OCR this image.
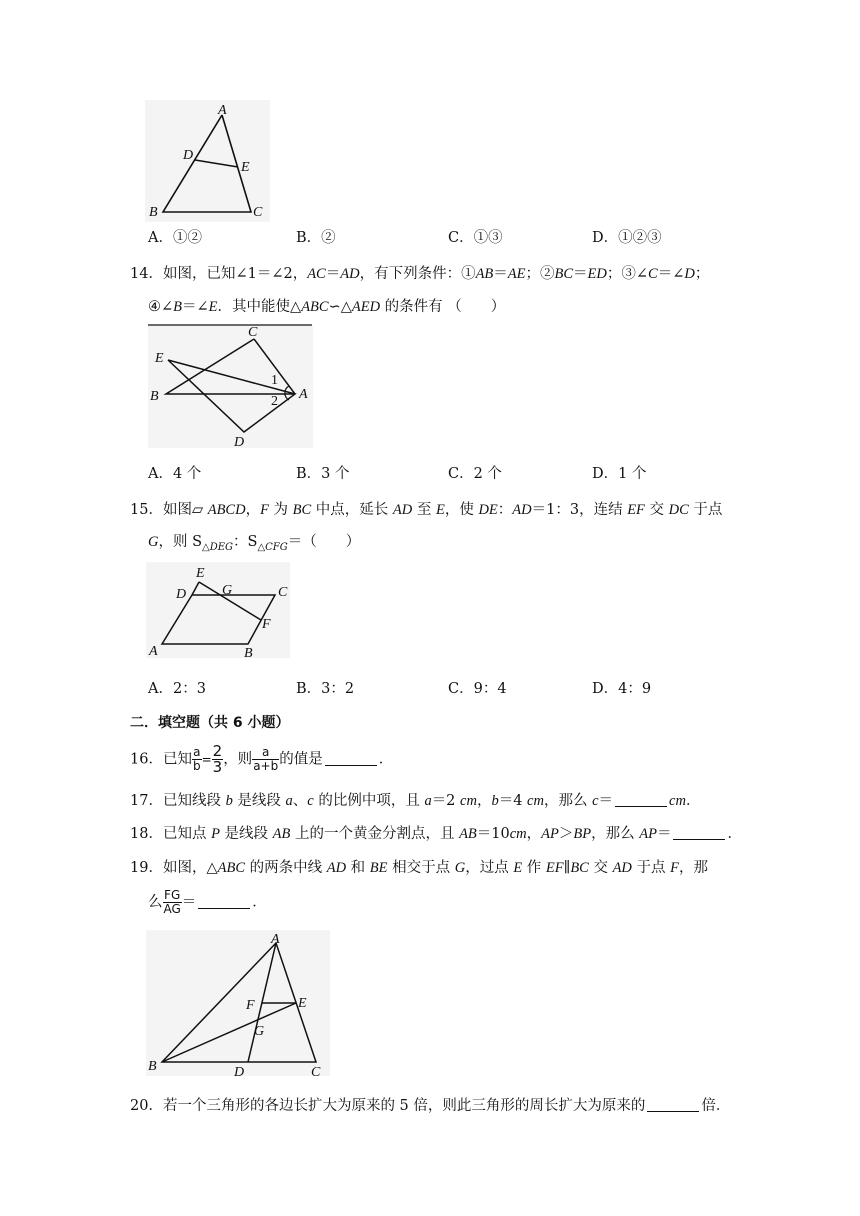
A
D
E
B	C
A．①②	B．②	C．①③	D．①②③
14．如图，已知∠1＝∠2，AC＝AD，有下列条件：①AB＝AE；②BC＝ED；③∠C＝∠D；
④∠B＝∠E．其中能使△ABC∽△AED 的条件有 （　　）
C
E
B	A
D
1
2
A．4 个	B．3 个	C．2 个	D．1 个
15．如图▱ ABCD，F 为 BC 中点，延长 AD 至 E，使 DE：AD＝1：3，连结 EF 交 DC 于点
G，则 $S_{\triangle DEG}$：$S_{\triangle CFG}=$（　　）
E
D	G	C
F
A	B
A．2：3	B．3：2	C．9：4	D．4：9
二．填空题（共 6 小题）
16．已知 $\frac{a}{b} = \frac{2}{3}$ ，则 $\frac{a}{a+b}$ 的值是	．
17．已知线段 b 是线段 a、c 的比例中项，且 a＝2 cm，b＝4 cm，那么 c＝	cm．
18．已知点 P 是线段 AB 上的一个黄金分割点，且 AB＝10cm，AP＞BP，那么 AP＝	．
19．如图，△ABC 的两条中线 AD 和 BE 相交于点 G，过点 E 作 EF∥BC 交 AD 于点 F，那
么 $\frac{FG}{AG}$ ＝	．
A
F	E
G
B	D	C
20．若一个三角形的各边长扩大为原来的 5 倍，则此三角形的周长扩大为原来的	倍．
